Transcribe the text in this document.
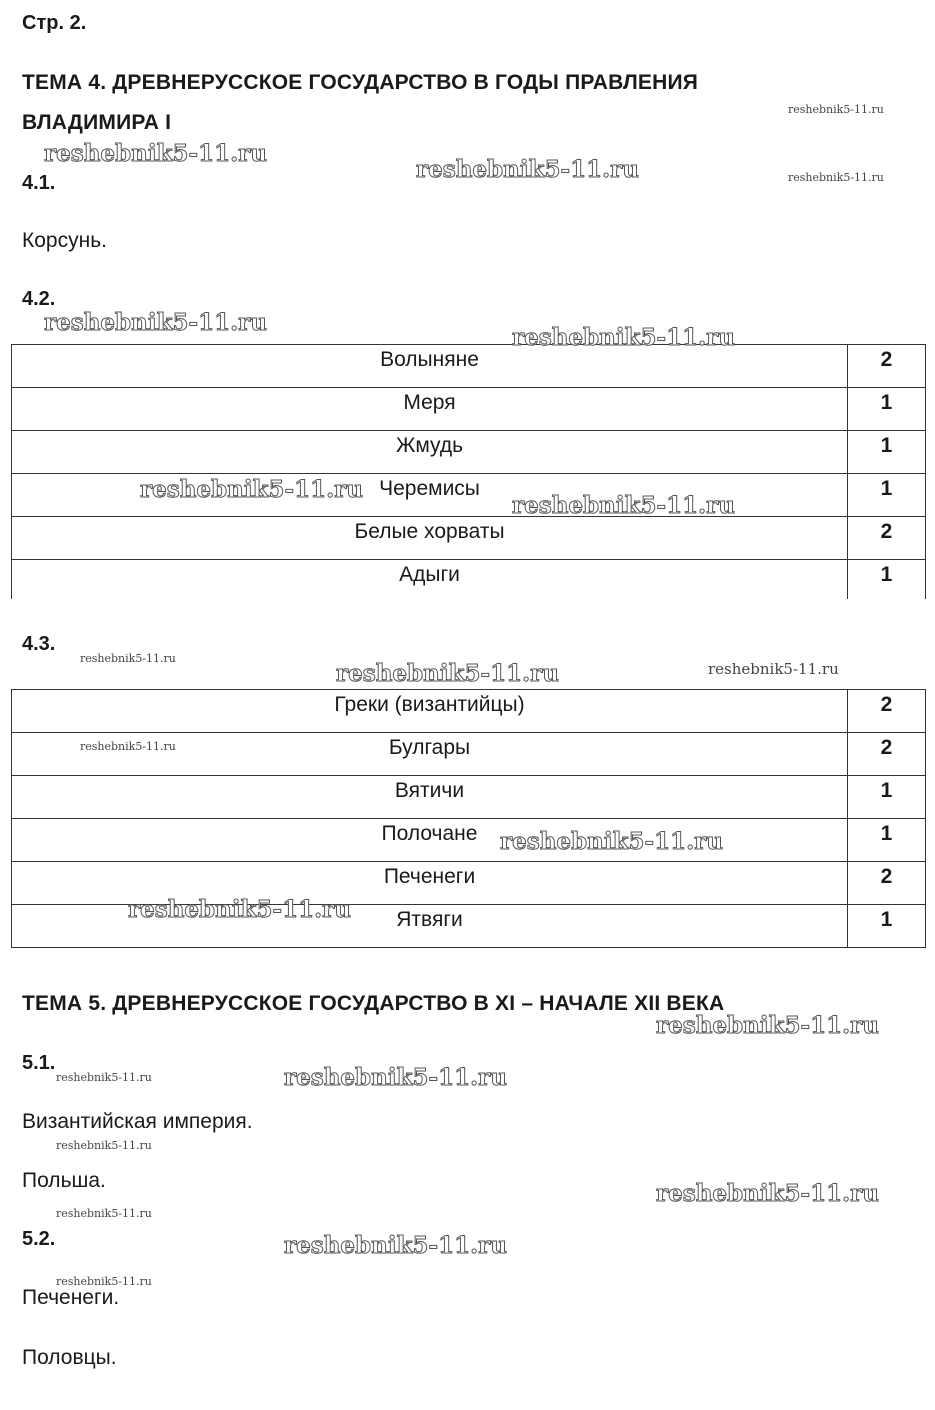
Стр. 2.
ТЕМА 4. ДРЕВНЕРУССКОЕ ГОСУДАРСТВО В ГОДЫ ПРАВЛЕНИЯ
ВЛАДИМИРА I
4.1.
Корсунь.
4.2.
Волыняне	2
Меря	1
Жмудь	1
Черемисы	1
Белые хорваты	2
Адыги	1
4.3.
Греки (византийцы)	2
Булгары	2
Вятичи	1
Полочане	1
Печенеги	2
Ятвяги	1
ТЕМА 5. ДРЕВНЕРУССКОЕ ГОСУДАРСТВО В XI – НАЧАЛЕ XII ВЕКА
5.1.
Византийская империя.
Польша.
5.2.
Печенеги.
Половцы.
reshebnik5-11.ru
reshebnik5-11.ru
reshebnik5-11.ru	reshebnik5-11.ru
reshebnik5-11.ru
reshebnik5-11.ru
reshebnik5-11.ru
reshebnik5-11.ru
reshebnik5-11.ru
reshebnik5-11.ru	reshebnik5-11.ru
reshebnik5-11.ru
reshebnik5-11.ru
reshebnik5-11.ru
reshebnik5-11.ru
reshebnik5-11.ru	reshebnik5-11.ru
reshebnik5-11.ru
reshebnik5-11.ru
reshebnik5-11.ru
reshebnik5-11.ru
reshebnik5-11.ru
